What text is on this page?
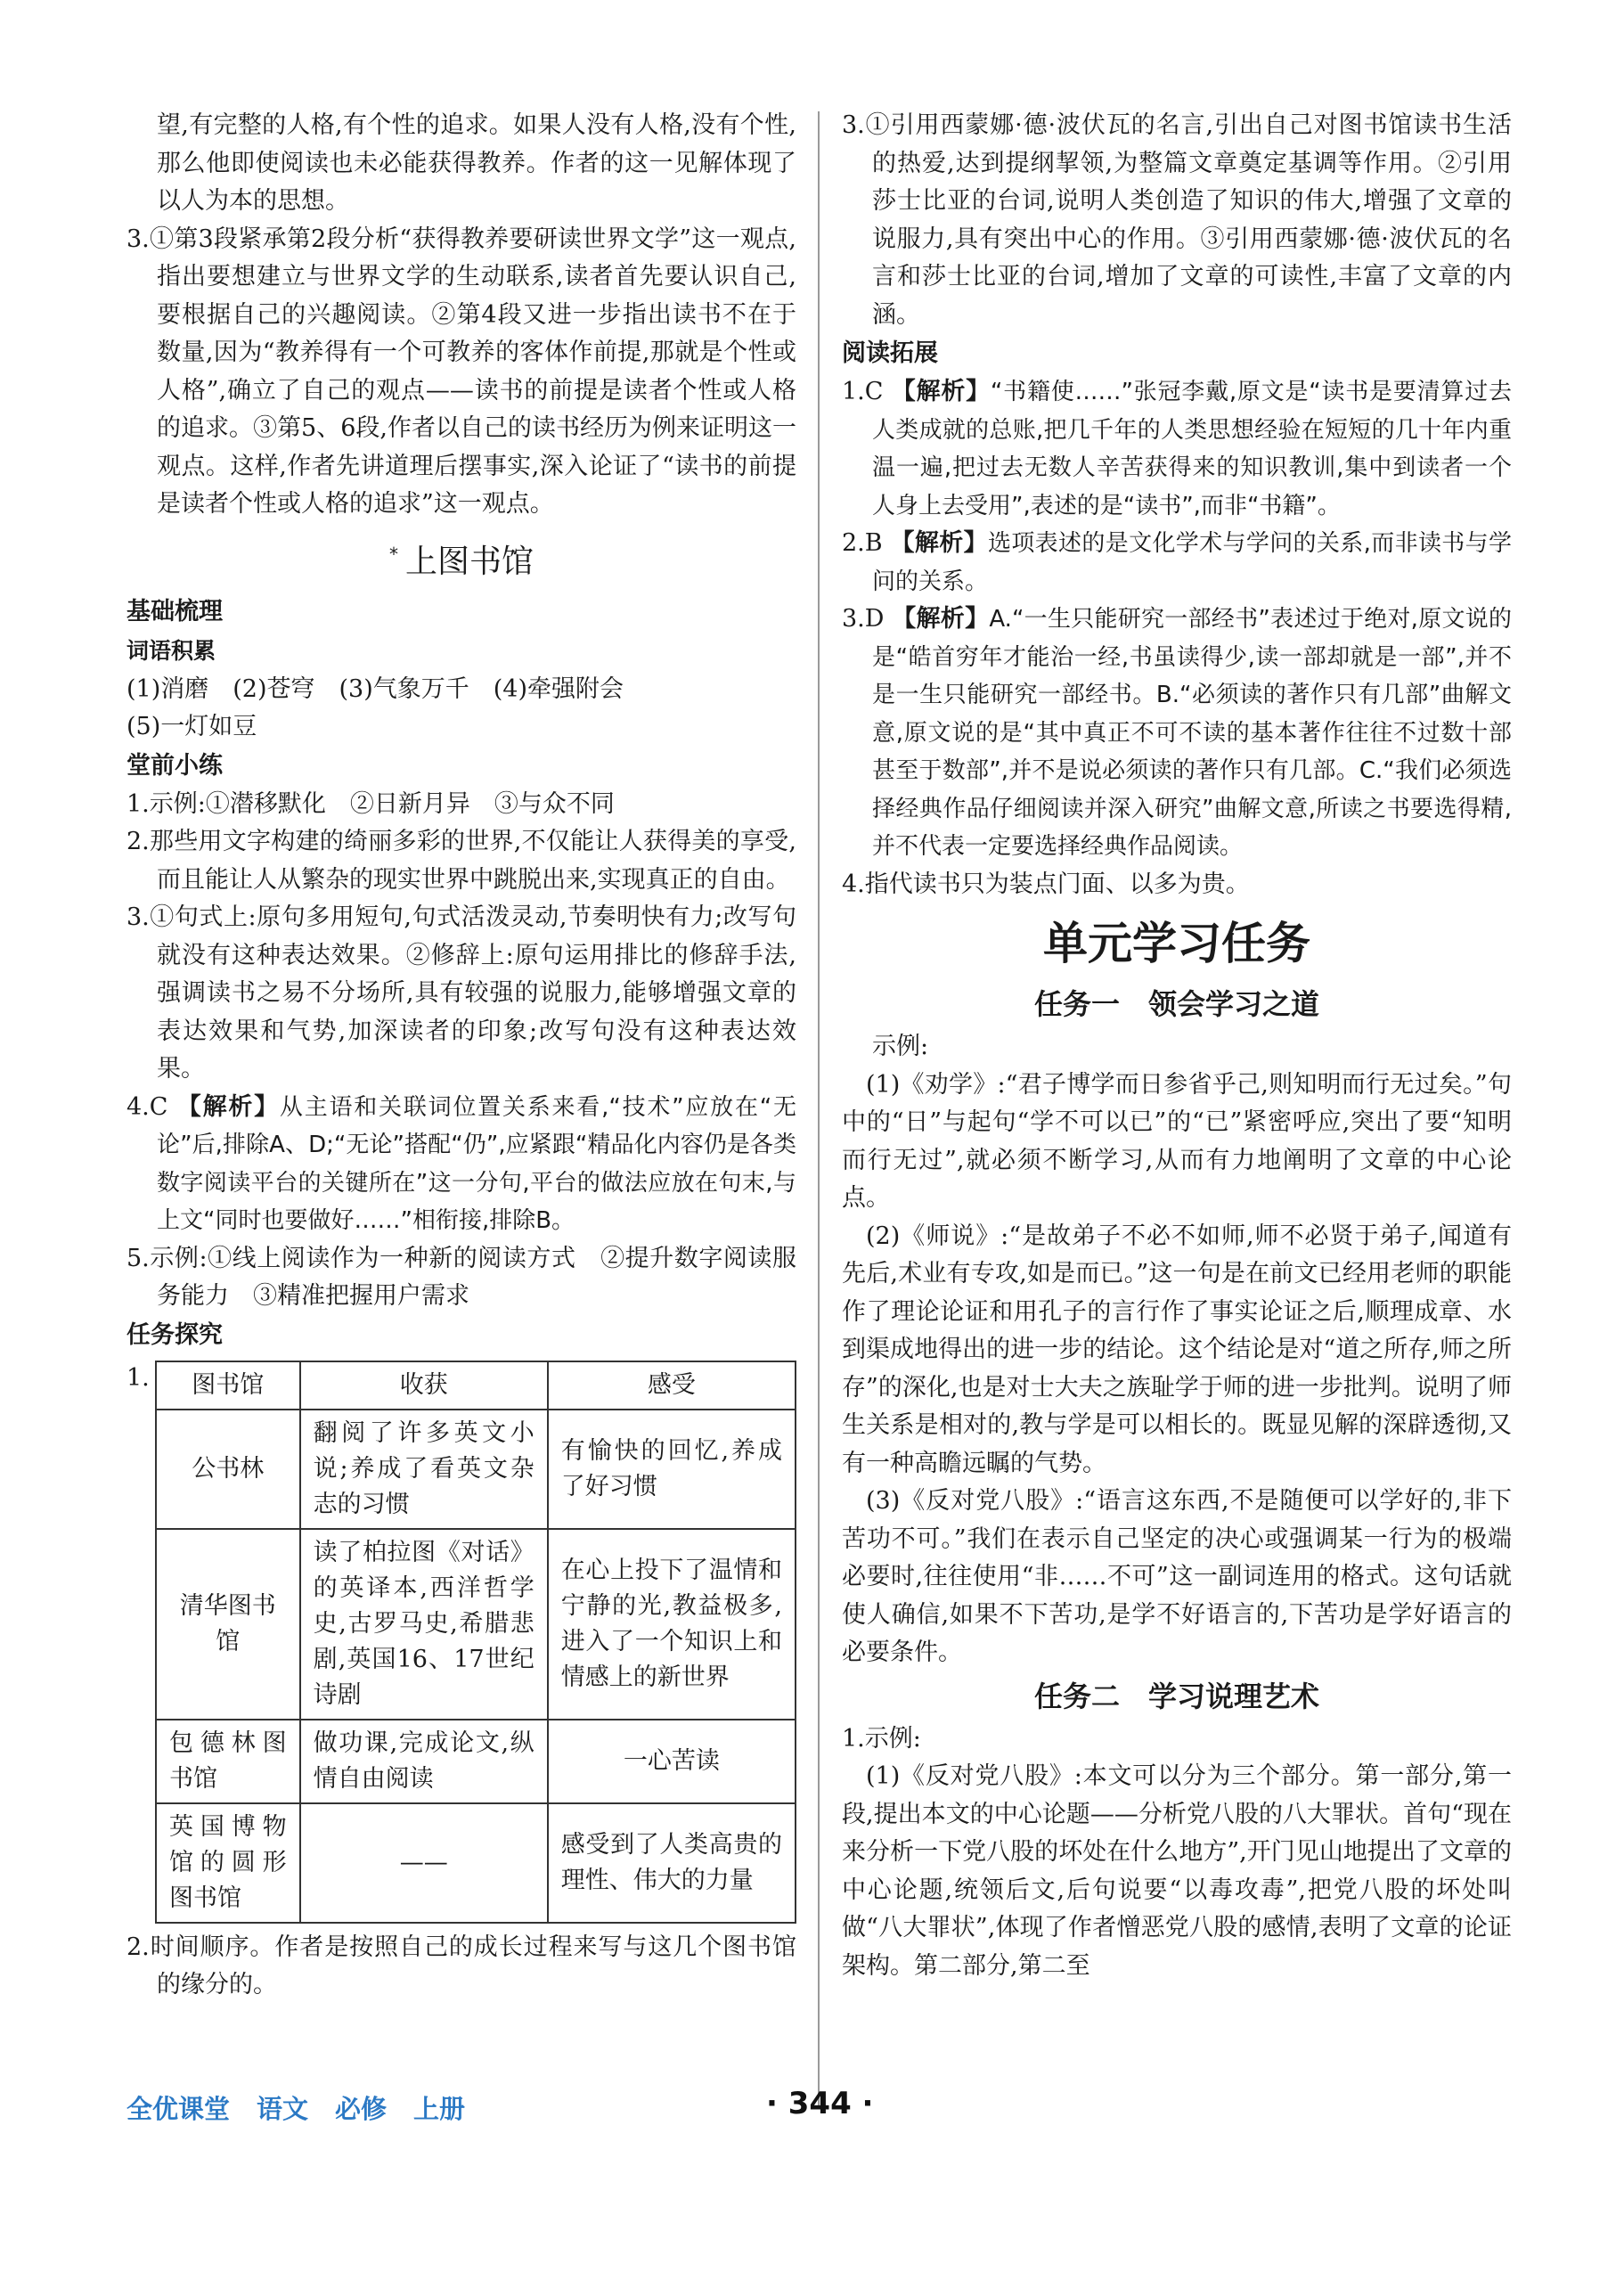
望,有完整的人格,有个性的追求。如果人没有人格,没有个性,那么他即使阅读也未必能获得教养。作者的这一见解体现了以人为本的思想。

3.①第3段紧承第2段分析“获得教养要研读世界文学”这一观点,指出要想建立与世界文学的生动联系,读者首先要认识自己,要根据自己的兴趣阅读。②第4段又进一步指出读书不在于数量,因为“教养得有一个可教养的客体作前提,那就是个性或人格”,确立了自己的观点——读书的前提是读者个性或人格的追求。③第5、6段,作者以自己的读书经历为例来证明这一观点。这样,作者先讲道理后摆事实,深入论证了“读书的前提是读者个性或人格的追求”这一观点。

* 上图书馆
基础梳理
词语积累

(1)消磨　(2)苍穹　(3)气象万千　(4)牵强附会

(5)一灯如豆

堂前小练

1.示例:①潜移默化　②日新月异　③与众不同

2.那些用文字构建的绮丽多彩的世界,不仅能让人获得美的享受,而且能让人从繁杂的现实世界中跳脱出来,实现真正的自由。

3.①句式上:原句多用短句,句式活泼灵动,节奏明快有力;改写句就没有这种表达效果。②修辞上:原句运用排比的修辞手法,强调读书之易不分场所,具有较强的说服力,能够增强文章的表达效果和气势,加深读者的印象;改写句没有这种表达效果。

4.C 【解析】从主语和关联词位置关系来看,“技术”应放在“无论”后,排除A、D;“无论”搭配“仍”,应紧跟“精品化内容仍是各类数字阅读平台的关键所在”这一分句,平台的做法应放在句末,与上文“同时也要做好……”相衔接,排除B。

5.示例:①线上阅读作为一种新的阅读方式　②提升数字阅读服务能力　③精准把握用户需求

任务探究
1. 图书馆	收获	感受
公书林	翻阅了许多英文小说;养成了看英文杂志的习惯	有愉快的回忆,养成了好习惯
清华图书馆	读了柏拉图《对话》的英译本,西洋哲学史,古罗马史,希腊悲剧,英国16、17世纪诗剧	在心上投下了温情和宁静的光,教益极多,进入了一个知识上和情感上的新世界
包德林图书馆	做功课,完成论文,纵情自由阅读	一心苦读
英国博物馆的圆形图书馆	——	感受到了人类高贵的理性、伟大的力量

2.时间顺序。作者是按照自己的成长过程来写与这几个图书馆的缘分的。

3.①引用西蒙娜·德·波伏瓦的名言,引出自己对图书馆读书生活的热爱,达到提纲挈领,为整篇文章奠定基调等作用。②引用莎士比亚的台词,说明人类创造了知识的伟大,增强了文章的说服力,具有突出中心的作用。③引用西蒙娜·德·波伏瓦的名言和莎士比亚的台词,增加了文章的可读性,丰富了文章的内涵。

阅读拓展

1.C 【解析】“书籍使……”张冠李戴,原文是“读书是要清算过去人类成就的总账,把几千年的人类思想经验在短短的几十年内重温一遍,把过去无数人辛苦获得来的知识教训,集中到读者一个人身上去受用”,表述的是“读书”,而非“书籍”。

2.B 【解析】选项表述的是文化学术与学问的关系,而非读书与学问的关系。

3.D 【解析】A.“一生只能研究一部经书”表述过于绝对,原文说的是“皓首穷年才能治一经,书虽读得少,读一部却就是一部”,并不是一生只能研究一部经书。B.“必须读的著作只有几部”曲解文意,原文说的是“其中真正不可不读的基本著作往往不过数十部甚至于数部”,并不是说必须读的著作只有几部。C.“我们必须选择经典作品仔细阅读并深入研究”曲解文意,所读之书要选得精,并不代表一定要选择经典作品阅读。

4.指代读书只为装点门面、以多为贵。

单元学习任务
任务一　领会学习之道

示例:

(1)《劝学》:“君子博学而日参省乎己,则知明而行无过矣。”句中的“日”与起句“学不可以已”的“已”紧密呼应,突出了要“知明而行无过”,就必须不断学习,从而有力地阐明了文章的中心论点。

(2)《师说》:“是故弟子不必不如师,师不必贤于弟子,闻道有先后,术业有专攻,如是而已。”这一句是在前文已经用老师的职能作了理论论证和用孔子的言行作了事实论证之后,顺理成章、水到渠成地得出的进一步的结论。这个结论是对“道之所存,师之所存”的深化,也是对士大夫之族耻学于师的进一步批判。说明了师生关系是相对的,教与学是可以相长的。既显见解的深辟透彻,又有一种高瞻远瞩的气势。

(3)《反对党八股》:“语言这东西,不是随便可以学好的,非下苦功不可。”我们在表示自己坚定的决心或强调某一行为的极端必要时,往往使用“非……不可”这一副词连用的格式。这句话就使人确信,如果不下苦功,是学不好语言的,下苦功是学好语言的必要条件。

任务二　学习说理艺术

1.示例:

(1)《反对党八股》:本文可以分为三个部分。第一部分,第一段,提出本文的中心论题——分析党八股的八大罪状。首句“现在来分析一下党八股的坏处在什么地方”,开门见山地提出了文章的中心论题,统领后文,后句说要“以毒攻毒”,把党八股的坏处叫做“八大罪状”,体现了作者憎恶党八股的感情,表明了文章的论证架构。第二部分,第二至

全优课堂 语文 必修 上册	· 344 ·
